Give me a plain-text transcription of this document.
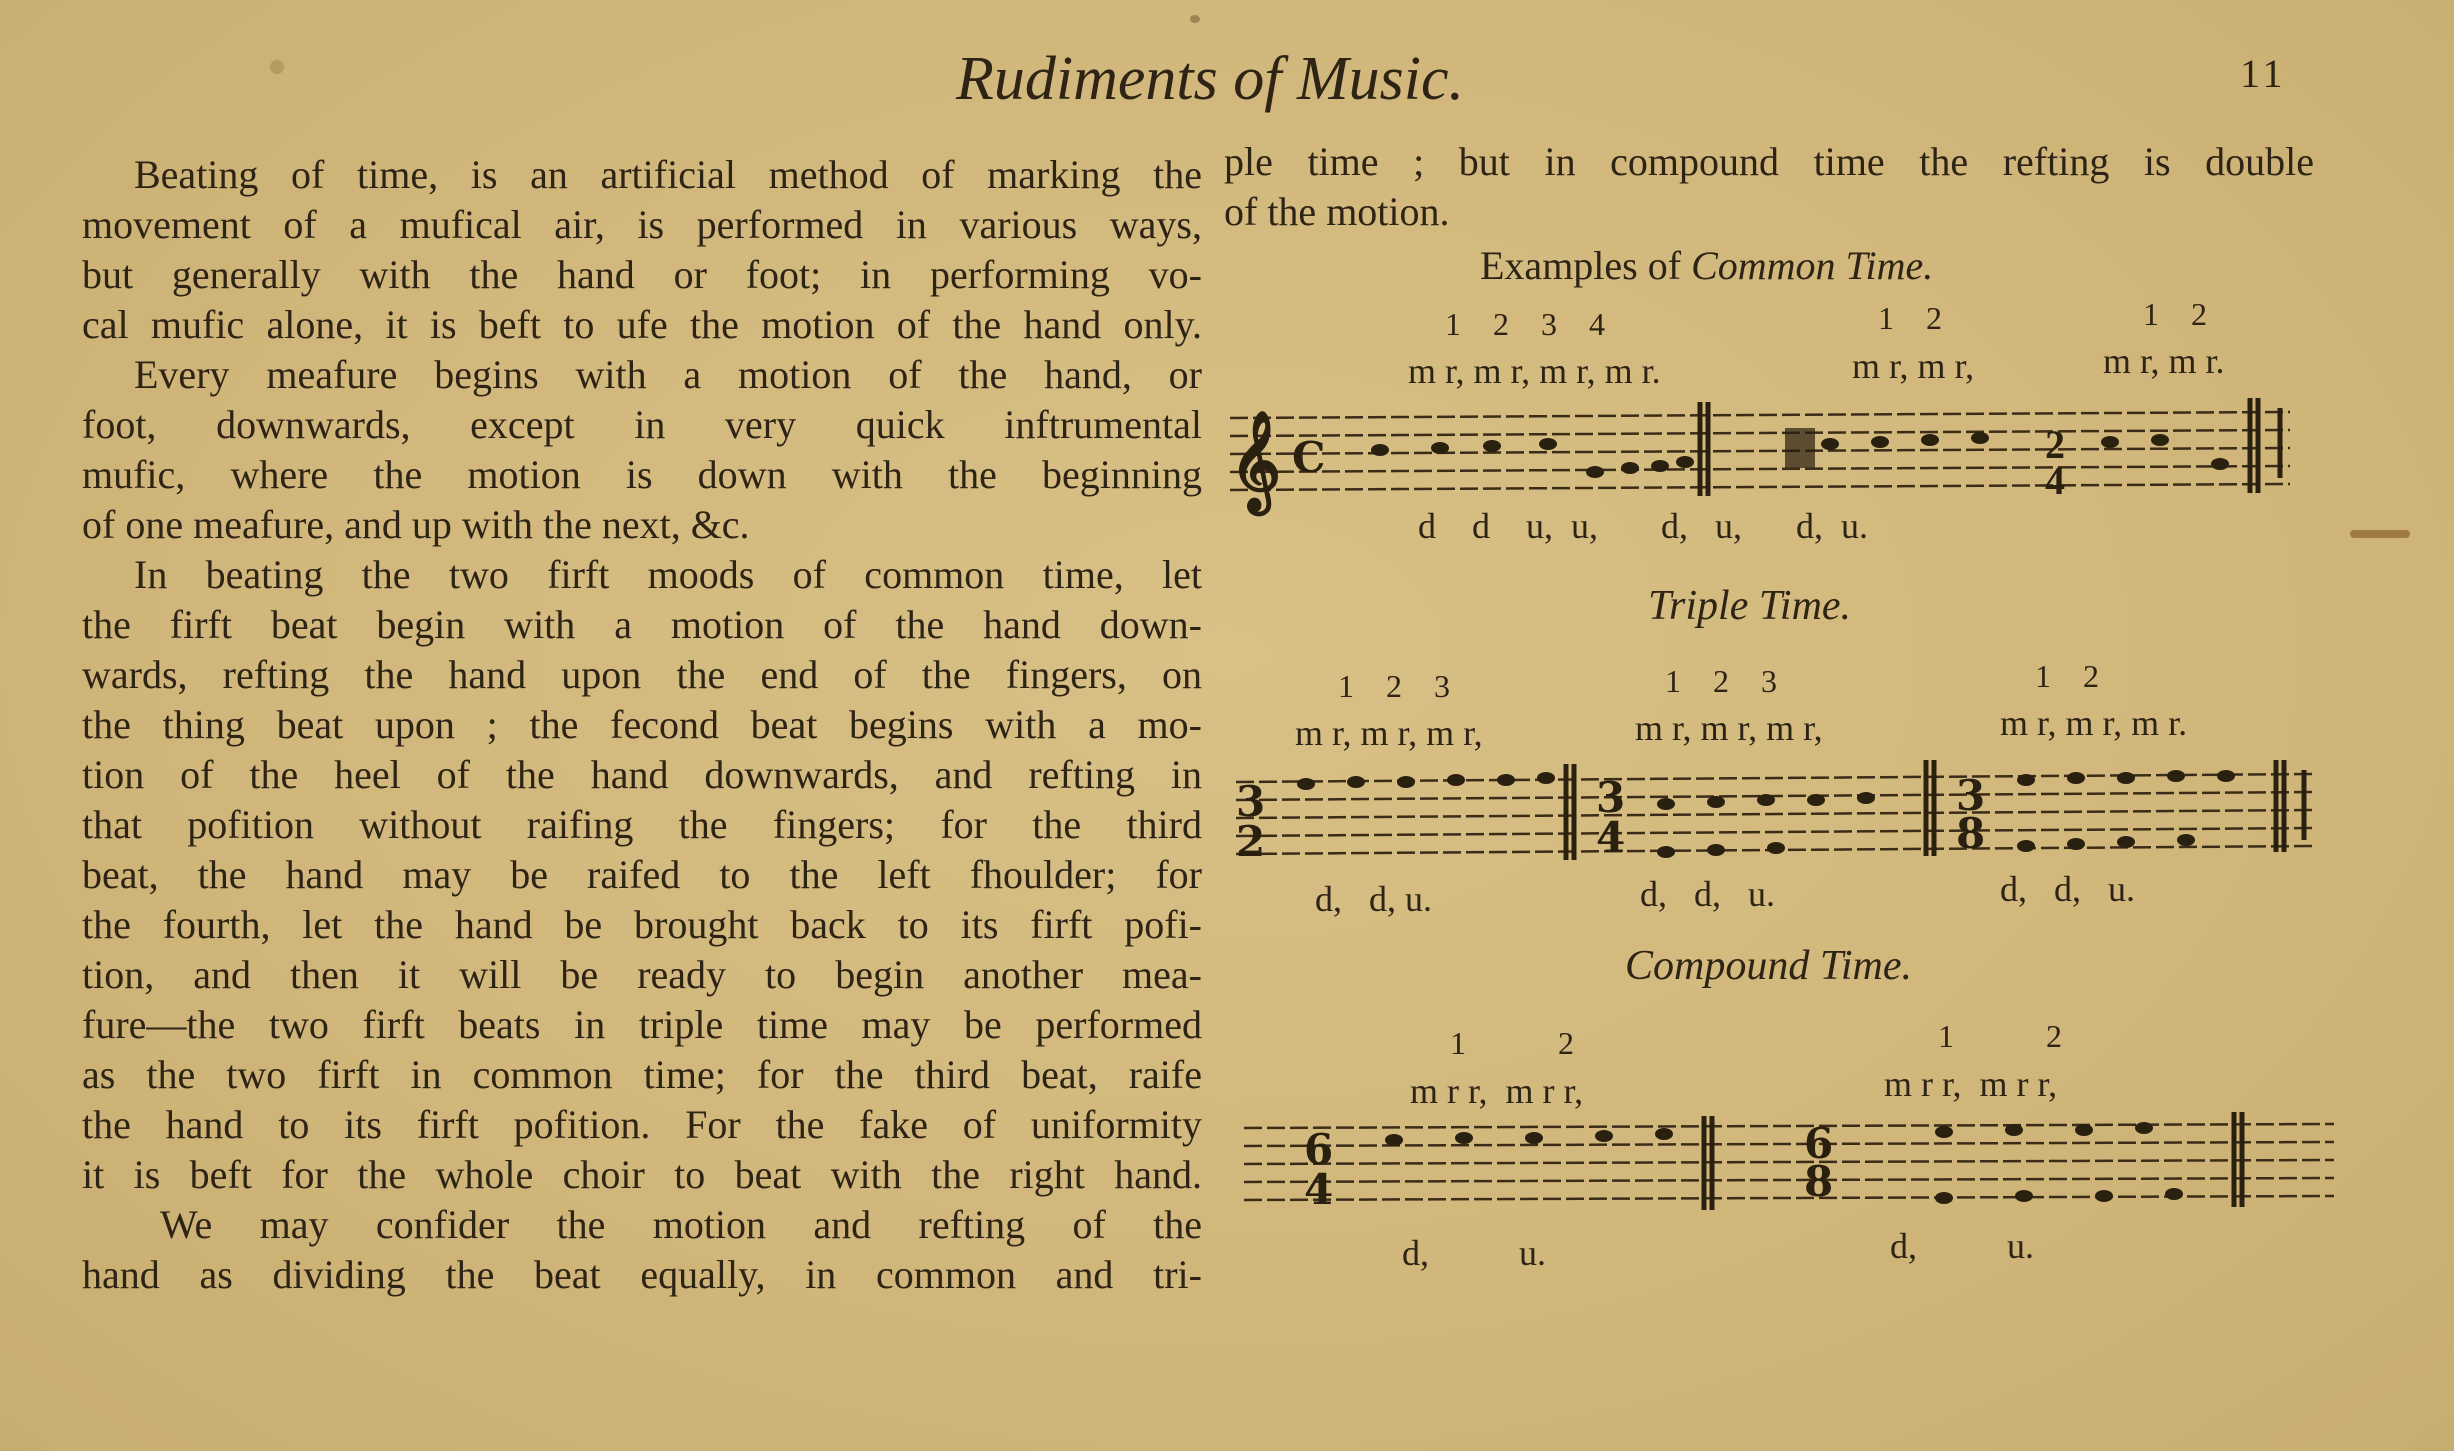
Rudiments of Music.	11
Beating of time, is an artificial method of marking the
movement of a mufical air, is performed in various ways,
but generally with the hand or foot; in performing vo-
cal mufic alone, it is beft to ufe the motion of the hand only.
Every meafure begins with a motion of the hand, or
foot, downwards, except in very quick inftrumental
mufic, where the motion is down with the beginning
of one meafure, and up with the next, &c.
In beating the two firft moods of common time, let
the firft beat begin with a motion of the hand down-
wards, refting the hand upon the end of the fingers, on
the thing beat upon ; the fecond beat begins with a mo-
tion of the heel of the hand downwards, and refting in
that pofition without raifing the fingers; for the third
beat, the hand may be raifed to the left fhoulder; for
the fourth, let the hand be brought back to its firft pofi-
tion, and then it will be ready to begin another mea-
fure—the two firft beats in triple time may be performed
as the two firft in common time; for the third beat, raife
the hand to its firft pofition. For the fake of uniformity
it is beft for the whole choir to beat with the right hand.
We may confider the motion and refting of the
hand as dividing the beat equally, in common and tri-
ple time ; but in compound time the refting is double
of the motion.
Examples of Common Time.
1   2   3   4	1   2	1   2
m r, m r, m r, m r.	m r, m r,	m r, m r.
𝄞 C	2
4
d    d    u,  u,       d,   u,      d,  u.
Triple Time.
1   2   3	1   2   3	1   2
m r, m r, m r,	m r, m r, m r,	m r, m r, m r.
3
2
3
4
3
8
d,   d, u.	d,   d,   u.	d,   d,   u.
Compound Time.
1         2	1         2
m r r,  m r r,	m r r,  m r r,
6
4
6
8
d,          u.	d,          u.
